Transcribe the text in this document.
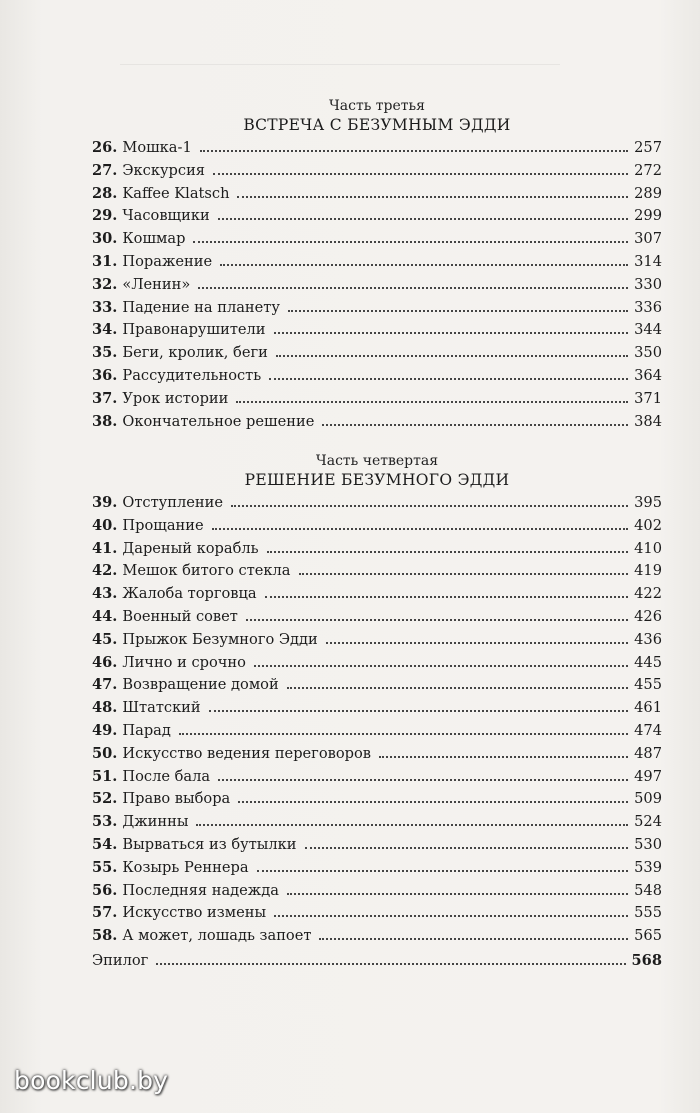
Часть третья
ВСТРЕЧА С БЕЗУМНЫМ ЭДДИ
26. Мошка-1	257
27. Экскурсия	272
28. Kaffee Klatsch	289
29. Часовщики	299
30. Кошмар	307
31. Поражение	314
32. «Ленин»	330
33. Падение на планету	336
34. Правонарушители	344
35. Беги, кролик, беги	350
36. Рассудительность	364
37. Урок истории	371
38. Окончательное решение	384
Часть четвертая
РЕШЕНИЕ БЕЗУМНОГО ЭДДИ
39. Отступление	395
40. Прощание	402
41. Дареный корабль	410
42. Мешок битого стекла	419
43. Жалоба торговца	422
44. Военный совет	426
45. Прыжок Безумного Эдди	436
46. Лично и срочно	445
47. Возвращение домой	455
48. Штатский	461
49. Парад	474
50. Искусство ведения переговоров	487
51. После бала	497
52. Право выбора	509
53. Джинны	524
54. Вырваться из бутылки	530
55. Козырь Реннера	539
56. Последняя надежда	548
57. Искусство измены	555
58. А может, лошадь запоет	565
Эпилог	568
bookclub.by
